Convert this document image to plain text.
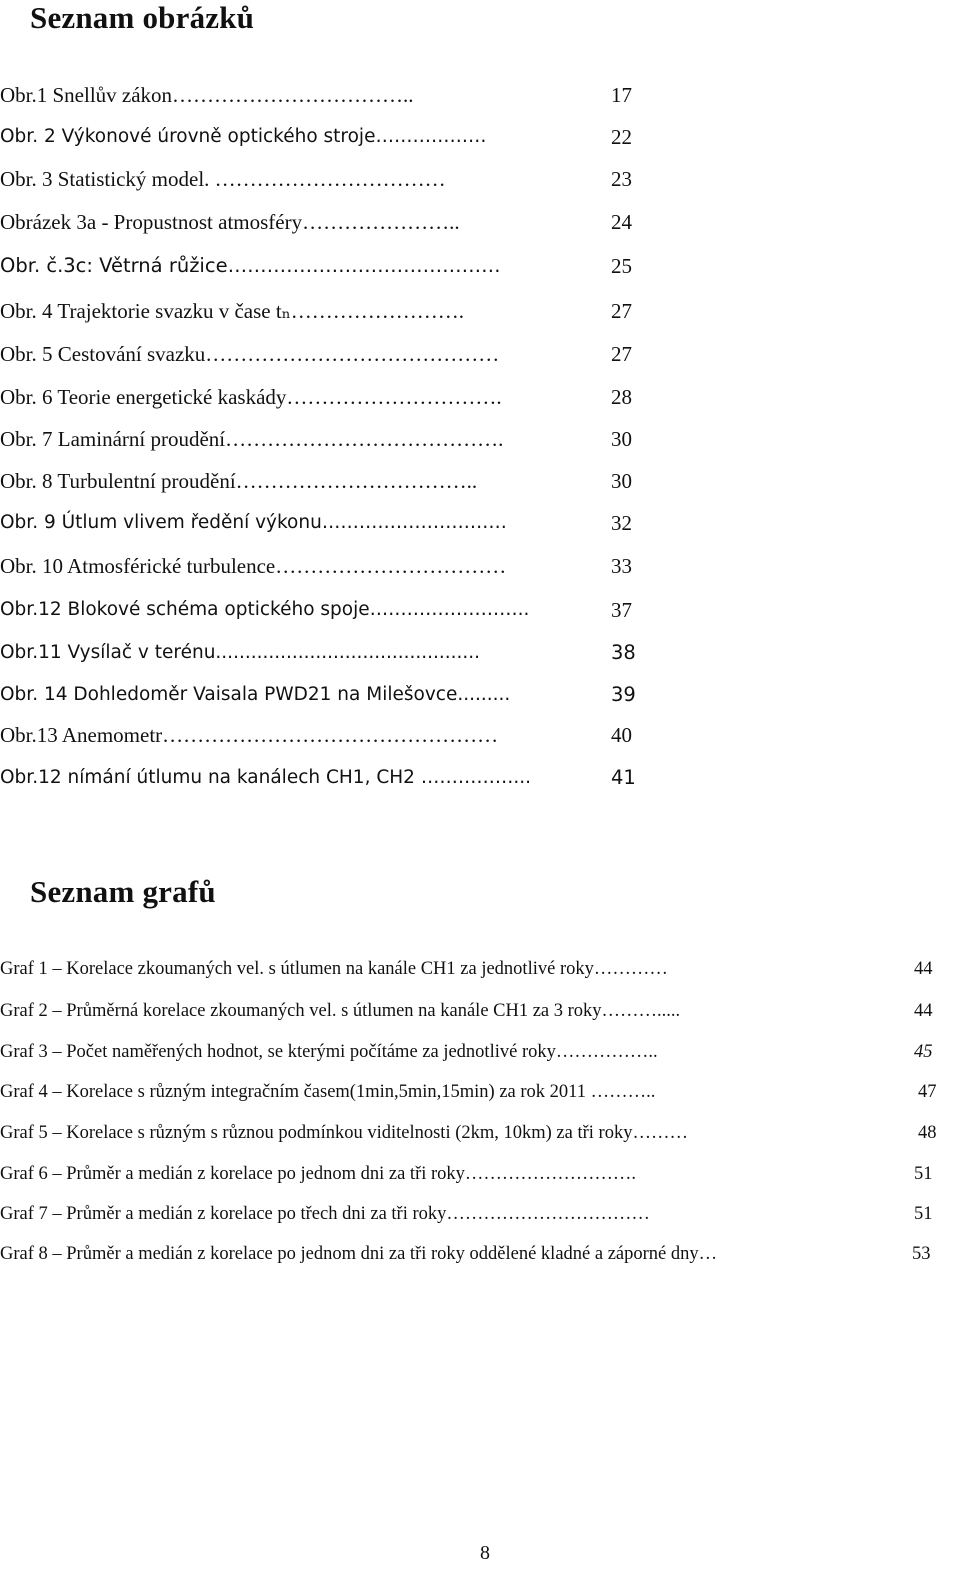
Seznam obrázků
Obr.1 Snellův zákon……………………………..	17
Obr. 2 Výkonové úrovně optického stroje………………	22
Obr. 3 Statistický model. ……………………………	23
Obrázek 3a - Propustnost atmosféry…………………..	24
Obr. č.3c: Větrná růžice……………………………………	25
Obr. 4 Trajektorie svazku v čase tₙ…………………….	27
Obr. 5 Cestování svazku……………………………………	27
Obr. 6 Teorie energetické kaskády………………………….	28
Obr. 7 Laminární proudění………………………………….	30
Obr. 8 Turbulentní proudění……………………………..	30
Obr. 9 Útlum vlivem ředění výkonu…………………………	32
Obr. 10 Atmosférické turbulence……………………………	33
Obr.12 Blokové schéma optického spoje……………………..	37
Obr.11 Vysílač v terénu.............................................	38
Obr. 14 Dohledoměr Vaisala PWD21 na Milešovce.........	39
Obr.13 Anemometr…………………………………………	40
Obr.12 nímání útlumu na kanálech CH1, CH2 ……………...	41
Seznam grafů
Graf 1 – Korelace zkoumaných vel. s útlumen na kanále CH1 za jednotlivé roky…………	44
Graf 2 – Průměrná korelace zkoumaných vel. s útlumen na kanále CH1 za 3 roky……….....	44
Graf 3 – Počet naměřených hodnot, se kterými počítáme za jednotlivé roky……………..	45
Graf 4 – Korelace s různým integračním časem(1min,5min,15min) za rok 2011 ………..	47
Graf 5 – Korelace s různým s různou podmínkou viditelnosti (2km, 10km) za tři roky………	48
Graf 6 – Průměr a medián z korelace po jednom dni za tři roky……………………….	51
Graf 7 – Průměr a medián z korelace po třech dni za tři roky……………………………	51
Graf 8 – Průměr a medián z korelace po jednom dni za tři roky oddělené kladné a záporné dny…	53
8
